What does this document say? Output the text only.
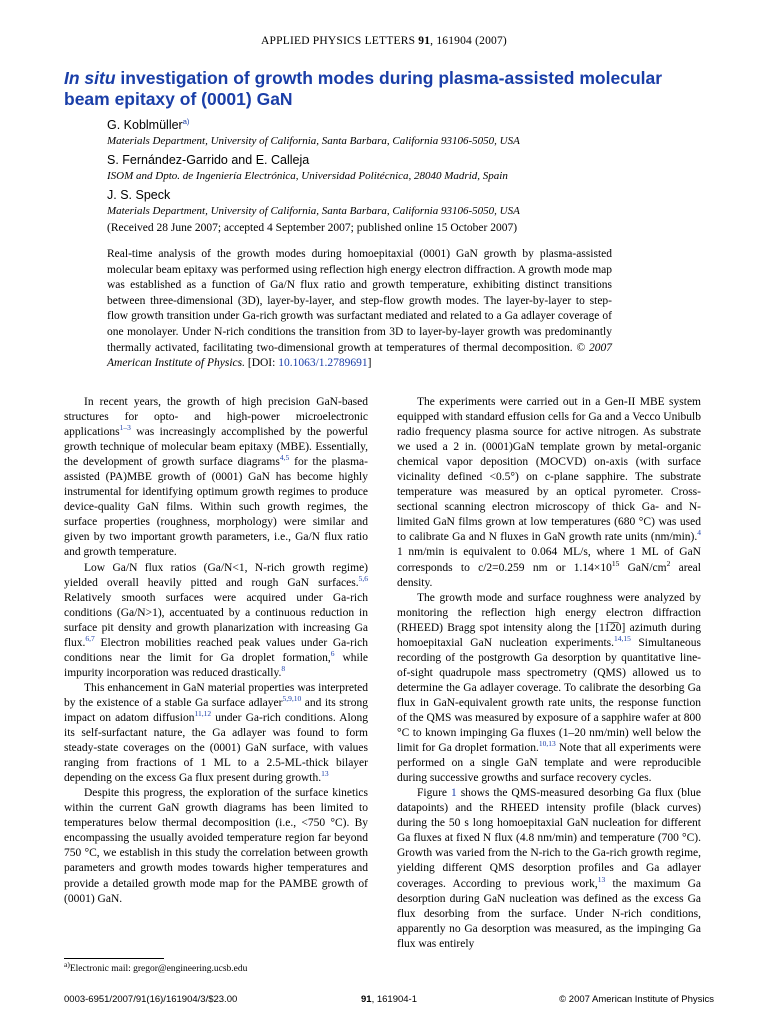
APPLIED PHYSICS LETTERS 91, 161904 (2007)
In situ investigation of growth modes during plasma-assisted molecular
beam epitaxy of (0001) GaN
G. Koblmüller$^{a)}$
Materials Department, University of California, Santa Barbara, California 93106-5050, USA
S. Fernández-Garrido and E. Calleja
ISOM and Dpto. de Ingeniería Electrónica, Universidad Politécnica, 28040 Madrid, Spain
J. S. Speck
Materials Department, University of California, Santa Barbara, California 93106-5050, USA
(Received 28 June 2007; accepted 4 September 2007; published online 15 October 2007)
Real-time analysis of the growth modes during homoepitaxial (0001) GaN growth by plasma-assisted molecular beam epitaxy was performed using reflection high energy electron diffraction. A growth mode map was established as a function of Ga/N flux ratio and growth temperature, exhibiting distinct transitions between three-dimensional (3D), layer-by-layer, and step-flow growth modes. The layer-by-layer to step-flow growth transition under Ga-rich growth was surfactant mediated and related to a Ga adlayer coverage of one monolayer. Under N-rich conditions the transition from 3D to layer-by-layer growth was predominantly thermally activated, facilitating two-dimensional growth at temperatures of thermal decomposition. © 2007 American Institute of Physics. [DOI: 10.1063/1.2789691]

In recent years, the growth of high precision GaN-based structures for opto- and high-power microelectronic applications$^{1-3}$ was increasingly accomplished by the powerful growth technique of molecular beam epitaxy (MBE). Essentially, the development of growth surface diagrams$^{4,5}$ for the plasma-assisted (PA)MBE growth of (0001) GaN has become highly instrumental for identifying optimum growth regimes to produce device-quality GaN films. Within such growth regimes, the surface properties (roughness, morphology) were similar and given by two important growth parameters, i.e., Ga/N flux ratio and growth temperature.

Low Ga/N flux ratios (Ga/N<1, N-rich growth regime) yielded overall heavily pitted and rough GaN surfaces.$^{5,6}$ Relatively smooth surfaces were acquired under Ga-rich conditions (Ga/N>1), accentuated by a continuous reduction in surface pit density and growth planarization with increasing Ga flux.$^{6,7}$ Electron mobilities reached peak values under Ga-rich conditions near the limit for Ga droplet formation,$^6$ while impurity incorporation was reduced drastically.$^8$

This enhancement in GaN material properties was interpreted by the existence of a stable Ga surface adlayer$^{5,9,10}$ and its strong impact on adatom diffusion$^{11,12}$ under Ga-rich conditions. Along its self-surfactant nature, the Ga adlayer was found to form steady-state coverages on the (0001) GaN surface, with values ranging from fractions of 1 ML to a 2.5-ML-thick bilayer depending on the excess Ga flux present during growth.$^{13}$

Despite this progress, the exploration of the surface kinetics within the current GaN growth diagrams has been limited to temperatures below thermal decomposition (i.e., <750 °C). By encompassing the usually avoided temperature region far beyond 750 °C, we establish in this study the correlation between growth parameters and growth modes towards higher temperatures and provide a detailed growth mode map for the PAMBE growth of (0001) GaN.

The experiments were carried out in a Gen-II MBE system equipped with standard effusion cells for Ga and a Vecco Unibulb radio frequency plasma source for active nitrogen. As substrate we used a 2 in. (0001)GaN template grown by metal-organic chemical vapor deposition (MOCVD) on-axis (with surface vicinality defined <0.5°) on c-plane sapphire. The substrate temperature was measured by an optical pyrometer. Cross-sectional scanning electron microscopy of thick Ga- and N-limited GaN films grown at low temperatures (680 °C) was used to calibrate Ga and N fluxes in GaN growth rate units (nm/min).$^4$ 1 nm/min is equivalent to 0.064 ML/s, where 1 ML of GaN corresponds to c/2=0.259 nm or $1.14\times 10^{15}$ GaN/$cm^2$ areal density.

The growth mode and surface roughness were analyzed by monitoring the reflection high energy electron diffraction (RHEED) Bragg spot intensity along the [11̅2̅0] azimuth during homoepitaxial GaN nucleation experiments.$^{14,15}$ Simultaneous recording of the postgrowth Ga desorption by quantitative line-of-sight quadrupole mass spectrometry (QMS) allowed us to determine the Ga adlayer coverage. To calibrate the desorbing Ga flux in GaN-equivalent growth rate units, the response function of the QMS was measured by exposure of a sapphire wafer at 800 °C to known impinging Ga fluxes (1–20 nm/min) well below the limit for Ga droplet formation.$^{10,13}$ Note that all experiments were performed on a single GaN template and were reproducible during successive growths and surface recovery cycles.

Figure 1 shows the QMS-measured desorbing Ga flux (blue datapoints) and the RHEED intensity profile (black curves) during the 50 s long homoepitaxial GaN nucleation for different Ga fluxes at fixed N flux (4.8 nm/min) and temperature (700 °C). Growth was varied from the N-rich to the Ga-rich growth regime, yielding different QMS desorption profiles and Ga adlayer coverages. According to previous work,$^{13}$ the maximum Ga desorption during GaN nucleation was defined as the excess Ga flux desorbing from the surface. Under N-rich conditions, apparently no Ga desorption was measured, as the impinging Ga flux was entirely

$^{a)}$Electronic mail: gregor@engineering.ucsb.edu
0003-6951/2007/91(16)/161904/3/$23.00	91, 161904-1	© 2007 American Institute of Physics
